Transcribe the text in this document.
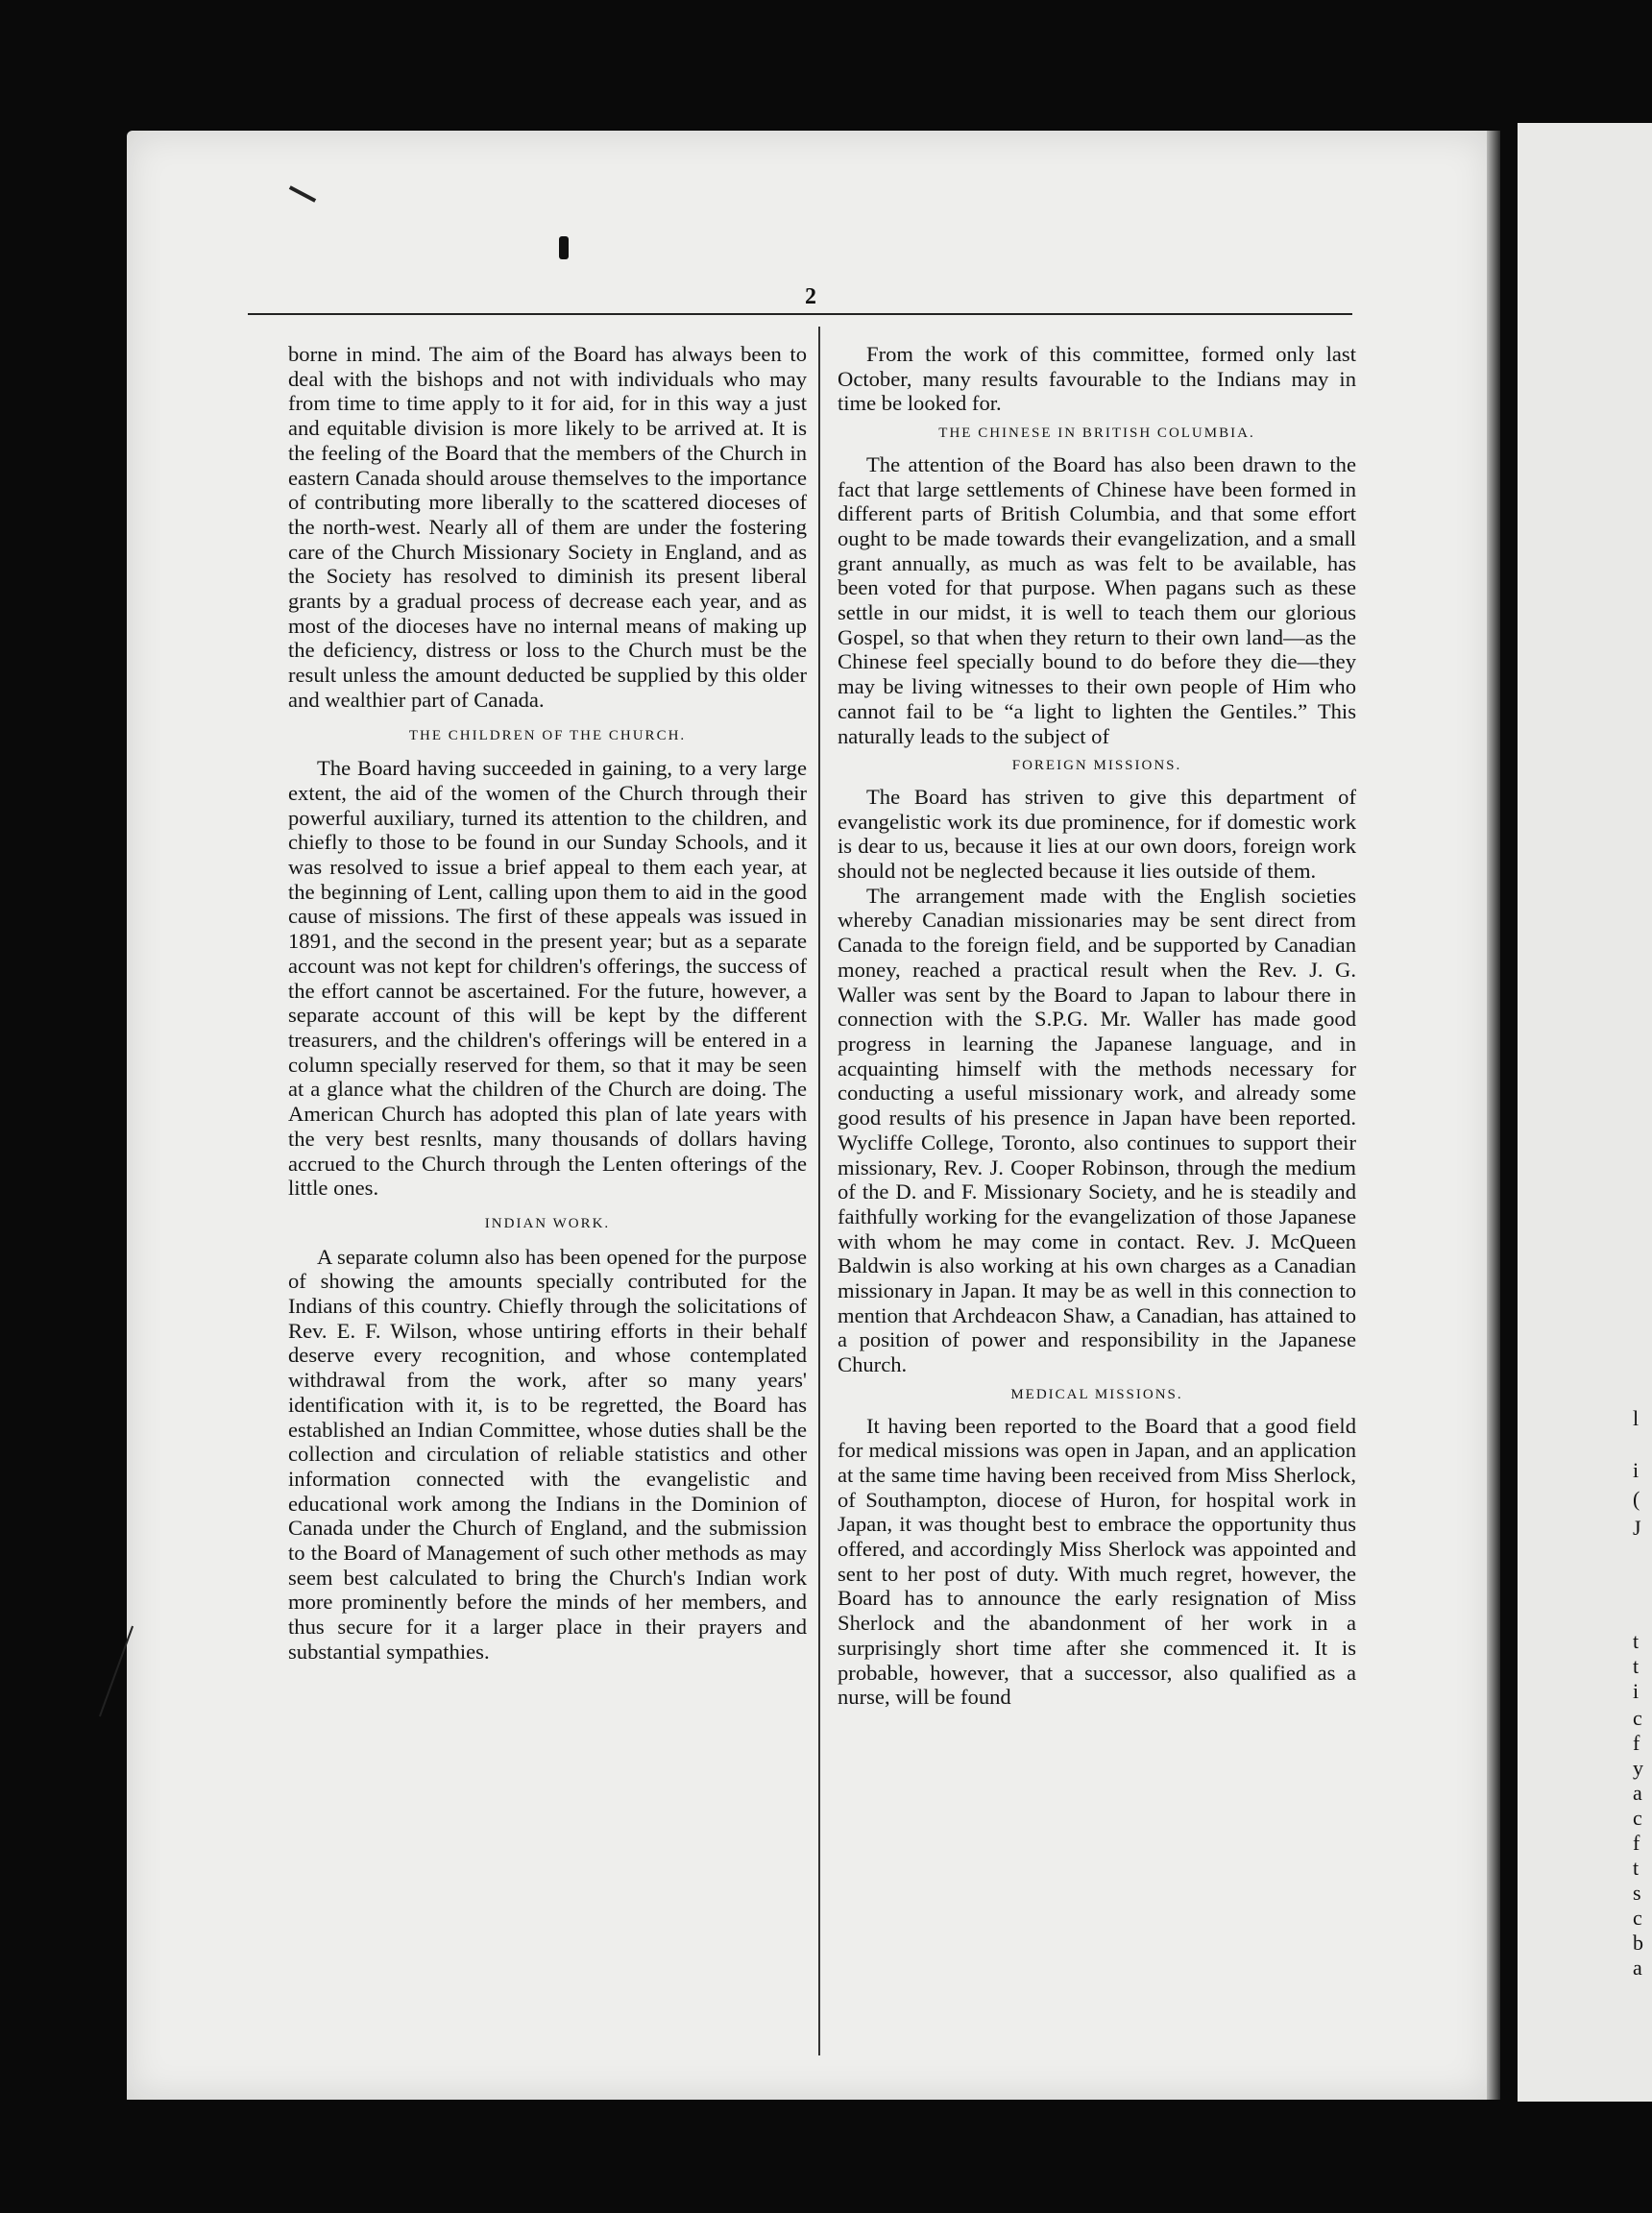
2

borne in mind. The aim of the Board has always been to deal with the bishops and not with individuals who may from time to time apply to it for aid, for in this way a just and equitable division is more likely to be arrived at. It is the feeling of the Board that the members of the Church in eastern Canada should arouse themselves to the importance of contributing more liberally to the scattered dioceses of the north-west. Nearly all of them are under the fostering care of the Church Missionary Society in England, and as the Society has resolved to diminish its present liberal grants by a gradual process of decrease each year, and as most of the dioceses have no internal means of making up the deficiency, distress or loss to the Church must be the result unless the amount deducted be supplied by this older and wealthier part of Canada.

THE CHILDREN OF THE CHURCH.

The Board having succeeded in gaining, to a very large extent, the aid of the women of the Church through their powerful auxiliary, turned its attention to the children, and chiefly to those to be found in our Sunday Schools, and it was resolved to issue a brief appeal to them each year, at the beginning of Lent, calling upon them to aid in the good cause of missions. The first of these appeals was issued in 1891, and the second in the present year; but as a separate account was not kept for children's offerings, the success of the effort cannot be ascertained. For the future, however, a separate account of this will be kept by the different treasurers, and the children's offerings will be entered in a column specially reserved for them, so that it may be seen at a glance what the children of the Church are doing. The American Church has adopted this plan of late years with the very best resnlts, many thousands of dollars having accrued to the Church through the Lenten ofterings of the little ones.

INDIAN WORK.

A separate column also has been opened for the purpose of showing the amounts specially contributed for the Indians of this country. Chiefly through the solicitations of Rev. E. F. Wilson, whose untiring efforts in their behalf deserve every recognition, and whose contemplated withdrawal from the work, after so many years' identification with it, is to be regretted, the Board has established an Indian Committee, whose duties shall be the collection and circulation of reliable statistics and other information connected with the evangelistic and educational work among the Indians in the Dominion of Canada under the Church of England, and the submission to the Board of Management of such other methods as may seem best calculated to bring the Church's Indian work more prominently before the minds of her members, and thus secure for it a larger place in their prayers and substantial sympathies.

From the work of this committee, formed only last October, many results favourable to the Indians may in time be looked for.

THE CHINESE IN BRITISH COLUMBIA.

The attention of the Board has also been drawn to the fact that large settlements of Chinese have been formed in different parts of British Columbia, and that some effort ought to be made towards their evangelization, and a small grant annually, as much as was felt to be available, has been voted for that purpose. When pagans such as these settle in our midst, it is well to teach them our glorious Gospel, so that when they return to their own land—as the Chinese feel specially bound to do before they die—they may be living witnesses to their own people of Him who cannot fail to be “a light to lighten the Gentiles.” This naturally leads to the subject of

FOREIGN MISSIONS.

The Board has striven to give this department of evangelistic work its due prominence, for if domestic work is dear to us, because it lies at our own doors, foreign work should not be neglected because it lies outside of them.

The arrangement made with the English societies whereby Canadian missionaries may be sent direct from Canada to the foreign field, and be supported by Canadian money, reached a practical result when the Rev. J. G. Waller was sent by the Board to Japan to labour there in connection with the S.P.G. Mr. Waller has made good progress in learning the Japanese language, and in acquainting himself with the methods necessary for conducting a useful missionary work, and already some good results of his presence in Japan have been reported. Wycliffe College, Toronto, also continues to support their missionary, Rev. J. Cooper Robinson, through the medium of the D. and F. Missionary Society, and he is steadily and faithfully working for the evangelization of those Japanese with whom he may come in contact. Rev. J. McQueen Baldwin is also working at his own charges as a Canadian missionary in Japan. It may be as well in this connection to mention that Archdeacon Shaw, a Canadian, has attained to a position of power and responsibility in the Japanese Church.

MEDICAL MISSIONS.

It having been reported to the Board that a good field for medical missions was open in Japan, and an application at the same time having been received from Miss Sherlock, of Southampton, diocese of Huron, for hospital work in Japan, it was thought best to embrace the opportunity thus offered, and accordingly Miss Sherlock was appointed and sent to her post of duty. With much regret, however, the Board has to announce the early resignation of Miss Sherlock and the abandonment of her work in a surprisingly short time after she commenced it. It is probable, however, that a successor, also qualified as a nurse, will be found

l
i
(
J
t
t
i
c
f
y
a
c
f
t
s
c
b
a
